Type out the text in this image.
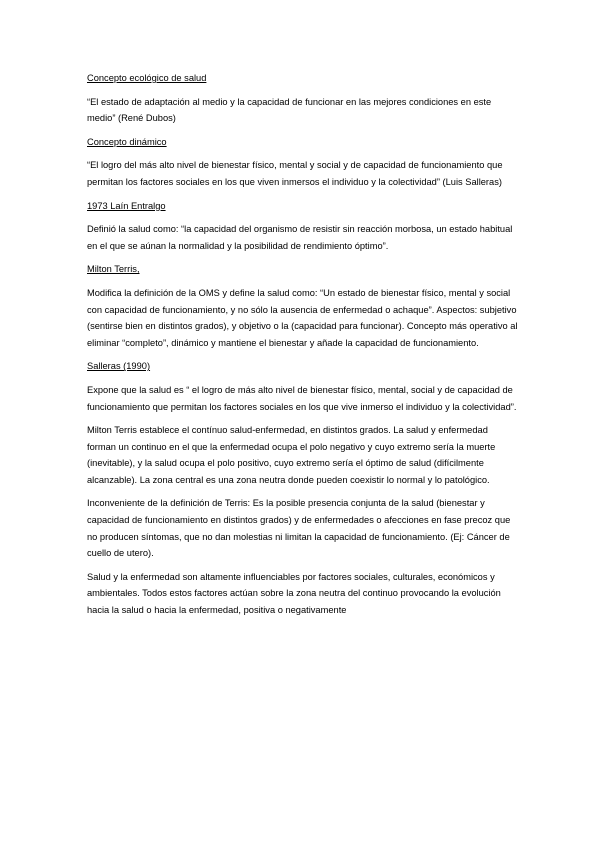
Concepto ecológico de salud
“El estado de adaptación al medio y la capacidad de funcionar en las mejores condiciones en este medio” (René Dubos)
Concepto dinámico
“El logro del más alto nivel de bienestar físico, mental y social y de capacidad de funcionamiento que permitan los factores sociales en los que viven inmersos el individuo y la colectividad” (Luis Salleras)
1973 Laín Entralgo
Definió la salud como: “la capacidad del organismo de resistir sin reacción morbosa, un estado habitual en el que se aúnan la normalidad y la posibilidad de rendimiento óptimo”.
Milton Terris,
Modifica la definición de la OMS y define la salud como: “Un estado de bienestar físico, mental y social con capacidad de funcionamiento, y no sólo la ausencia de enfermedad o achaque”. Aspectos: subjetivo (sentirse bien en distintos grados), y objetivo o la (capacidad para funcionar). Concepto más operativo al eliminar “completo”, dinámico y mantiene el bienestar y añade la capacidad de funcionamiento.
Salleras (1990)
Expone que la salud es “ el logro de más alto nivel de bienestar físico, mental, social y de capacidad de funcionamiento que permitan los factores sociales en los que vive inmerso el individuo y la colectividad”.
Milton Terris establece el contínuo salud-enfermedad, en distintos grados. La salud y enfermedad forman un continuo en el que la enfermedad ocupa el polo negativo y cuyo extremo sería la muerte (inevitable), y la salud ocupa el polo positivo, cuyo extremo sería el óptimo de salud (difícilmente alcanzable). La zona central es una zona neutra donde pueden coexistir lo normal y lo patológico.
Inconveniente de la definición de Terris: Es la posible presencia conjunta de la salud (bienestar y capacidad de funcionamiento en distintos grados) y de enfermedades o afecciones en fase precoz que no producen síntomas, que no dan molestias ni limitan la capacidad de funcionamiento. (Ej: Cáncer de cuello de utero).
Salud y la enfermedad son altamente influenciables por factores sociales, culturales, económicos y ambientales. Todos estos factores actúan sobre la zona neutra del continuo provocando la evolución hacia la salud o hacia la enfermedad, positiva o negativamente
